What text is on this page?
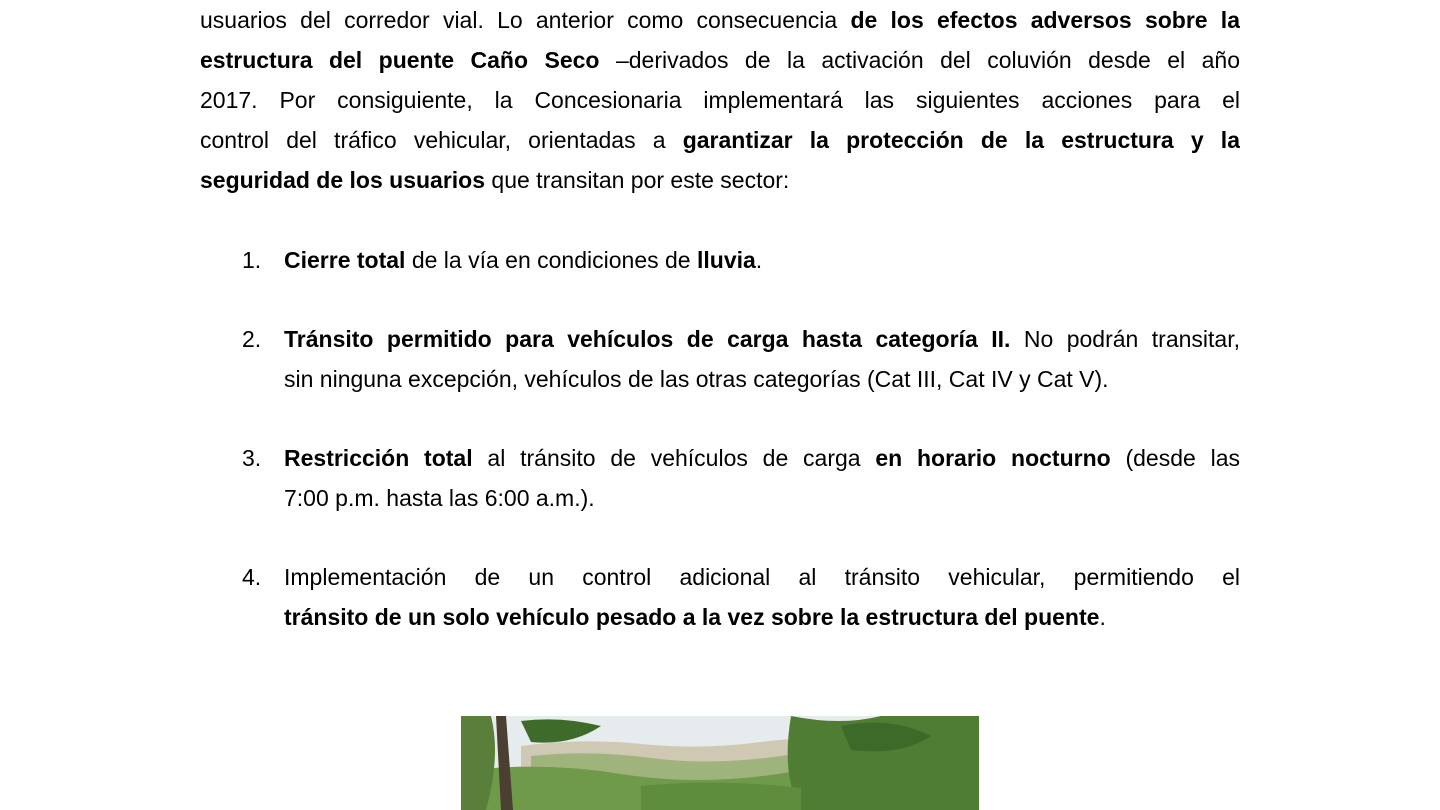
usuarios del corredor vial. Lo anterior como consecuencia de los efectos adversos sobre la
estructura del puente Caño Seco –derivados de la activación del coluvión desde el año
2017. Por consiguiente, la Concesionaria implementará las siguientes acciones para el
control del tráfico vehicular, orientadas a garantizar la protección de la estructura y la
seguridad de los usuarios que transitan por este sector:
1. Cierre total de la vía en condiciones de lluvia.
2. Tránsito permitido para vehículos de carga hasta categoría II. No podrán transitar,
sin ninguna excepción, vehículos de las otras categorías (Cat III, Cat IV y Cat V).
3. Restricción total al tránsito de vehículos de carga en horario nocturno (desde las
7:00 p.m. hasta las 6:00 a.m.).
4. Implementación de un control adicional al tránsito vehicular, permitiendo el
tránsito de un solo vehículo pesado a la vez sobre la estructura del puente.
